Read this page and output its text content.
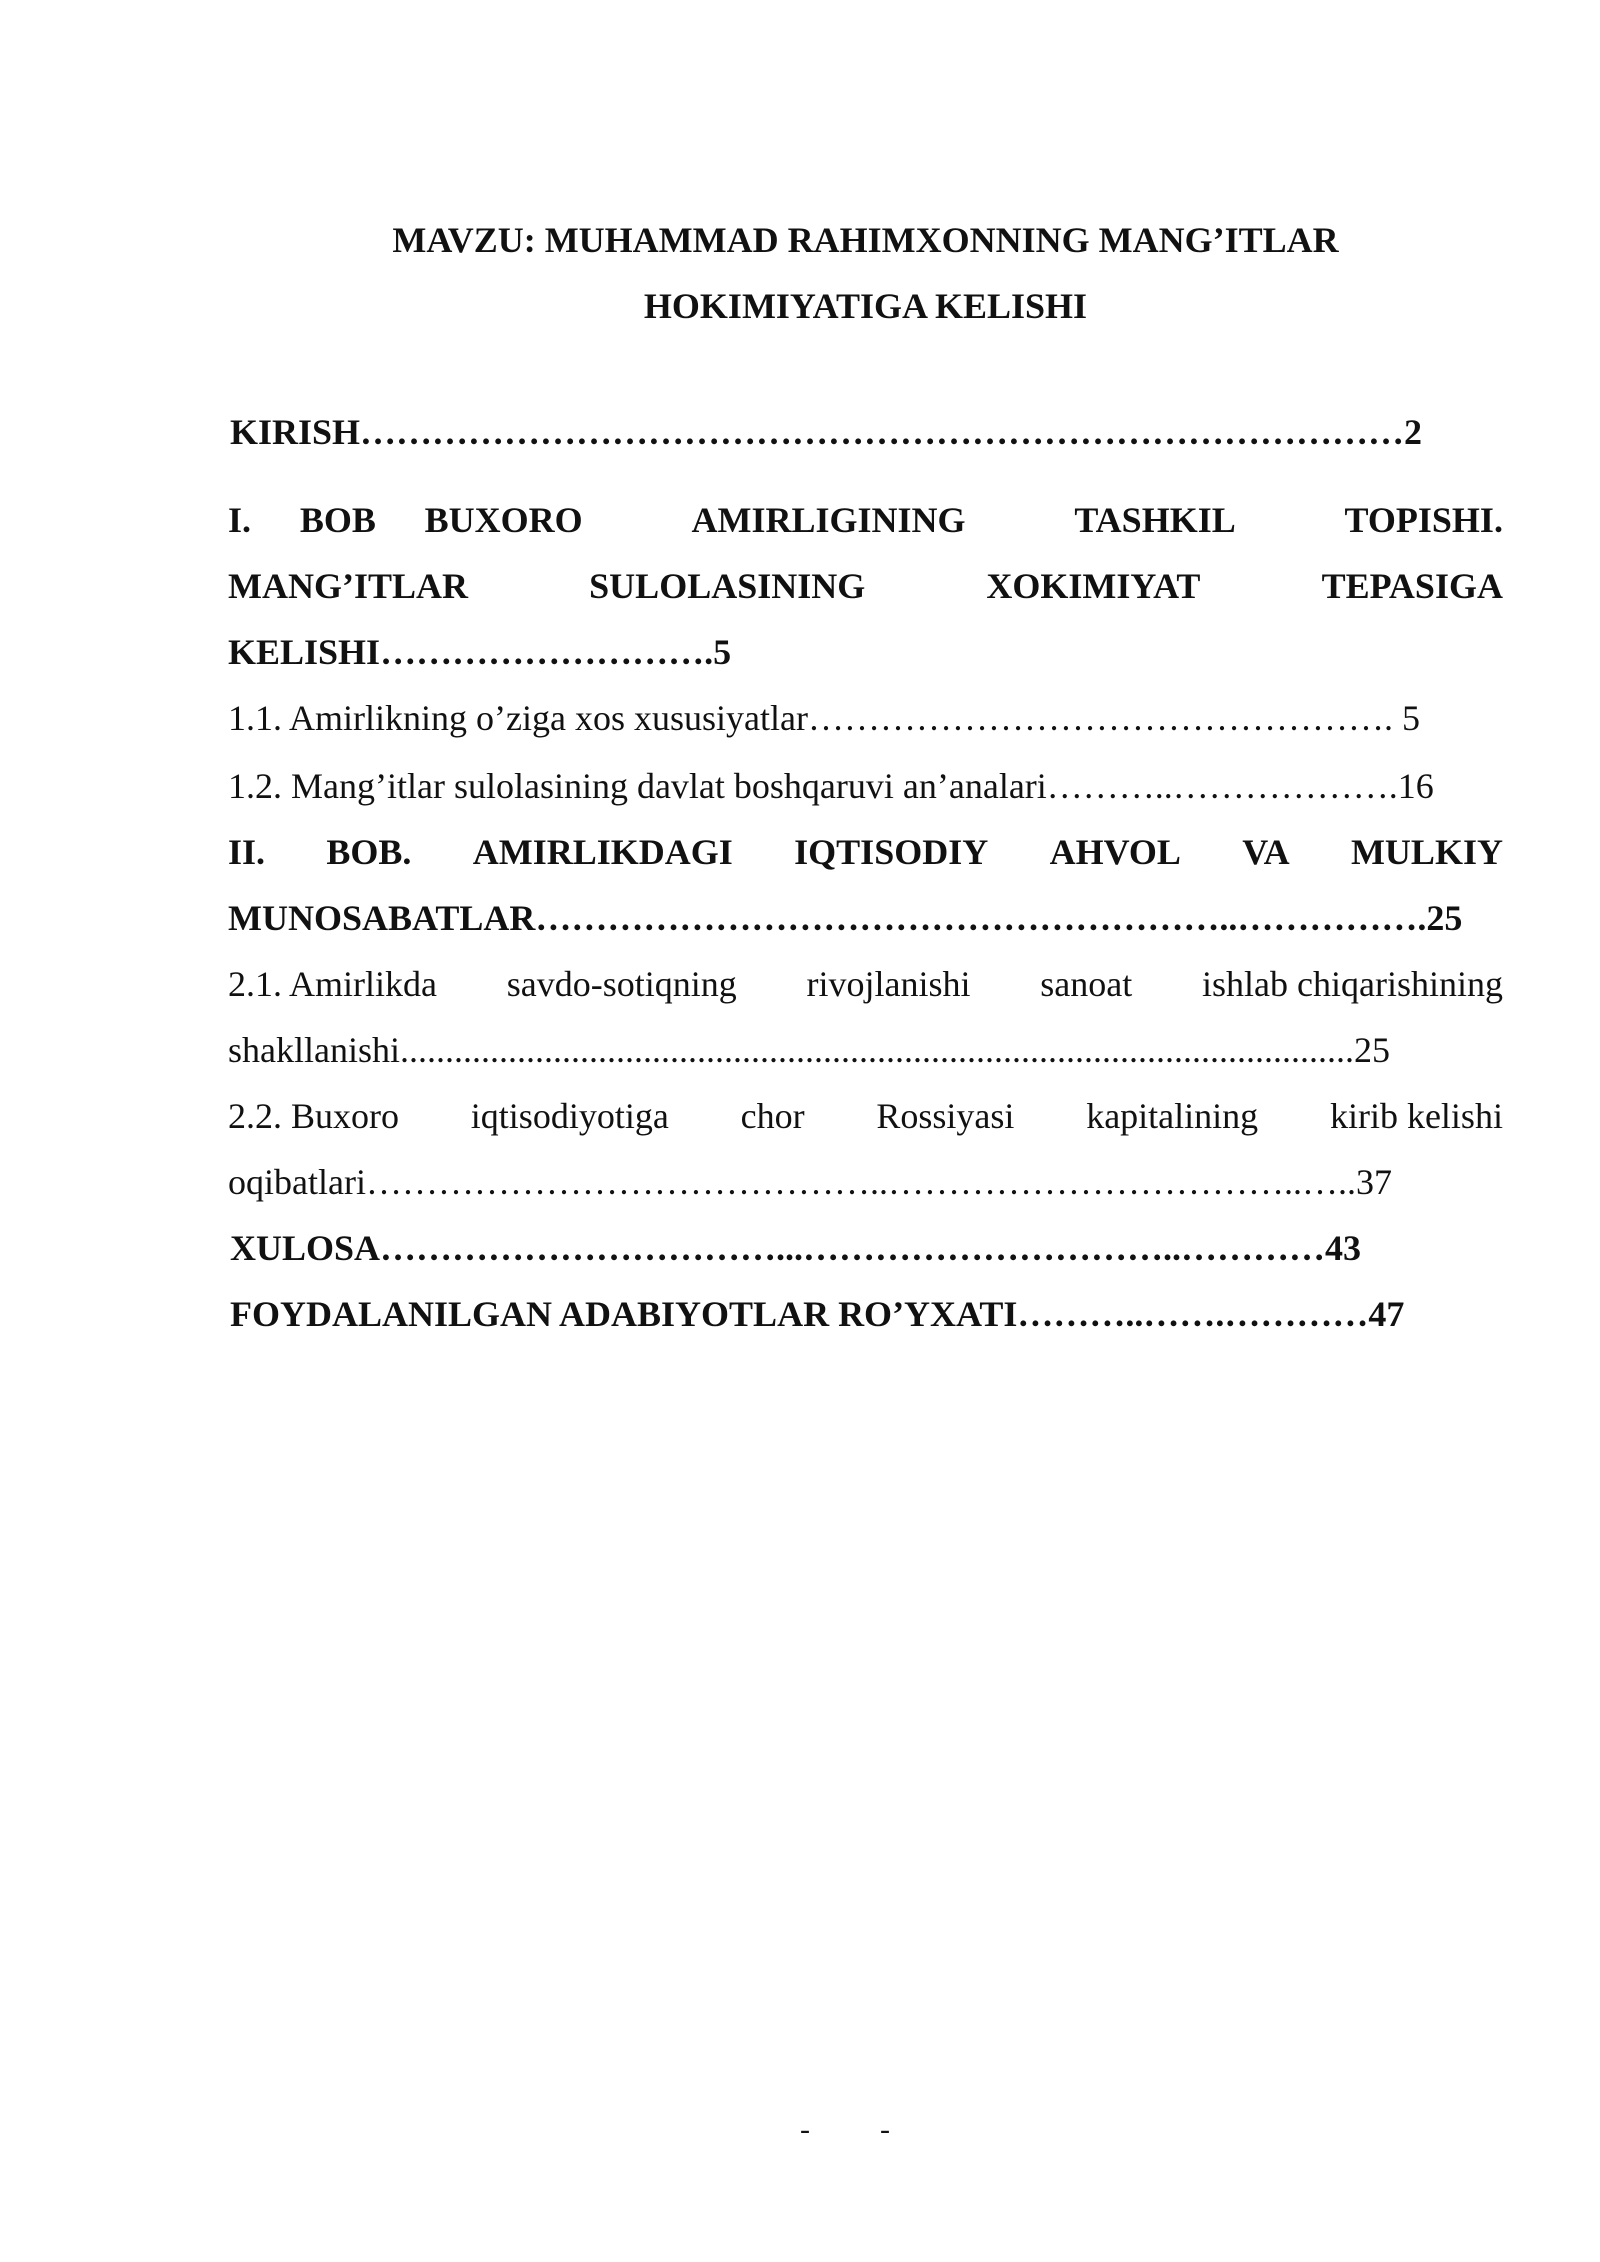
MAVZU: MUHAMMAD RAHIMXONNING MANG’ITLAR
HOKIMIYATIGA KELISHI
KIRISH……………………………………………………………………………2
I. BOB BUXORO	AMIRLIGINING	TASHKIL	TOPISHI.
MANG’ITLAR	SULOLASINING	XOKIMIYAT	TEPASIGA
KELISHI……………………….5
1.1. Amirlikning o’ziga xos xususiyatlar…………………………………………. 5
1.2. Mang’itlar sulolasining davlat boshqaruvi an’analari………..……………….16
II. BOB. AMIRLIKDAGI IQTISODIY AHVOL VA MULKIY
MUNOSABATLAR…………………………………………………..…………….25
2.1. Amirlikda savdo-sotiqning rivojlanishi sanoat ishlab chiqarishining
shakllanishi..........................................................................................................25
2.2. Buxoro iqtisodiyotiga chor Rossiyasi kapitalining kirib kelishi
oqibatlari……………………………………..……………………………..…..37
XULOSA……………………………...…………………………..…………43
FOYDALANILGAN ADABIYOTLAR RO’YXATI………..…….…………47
- -
